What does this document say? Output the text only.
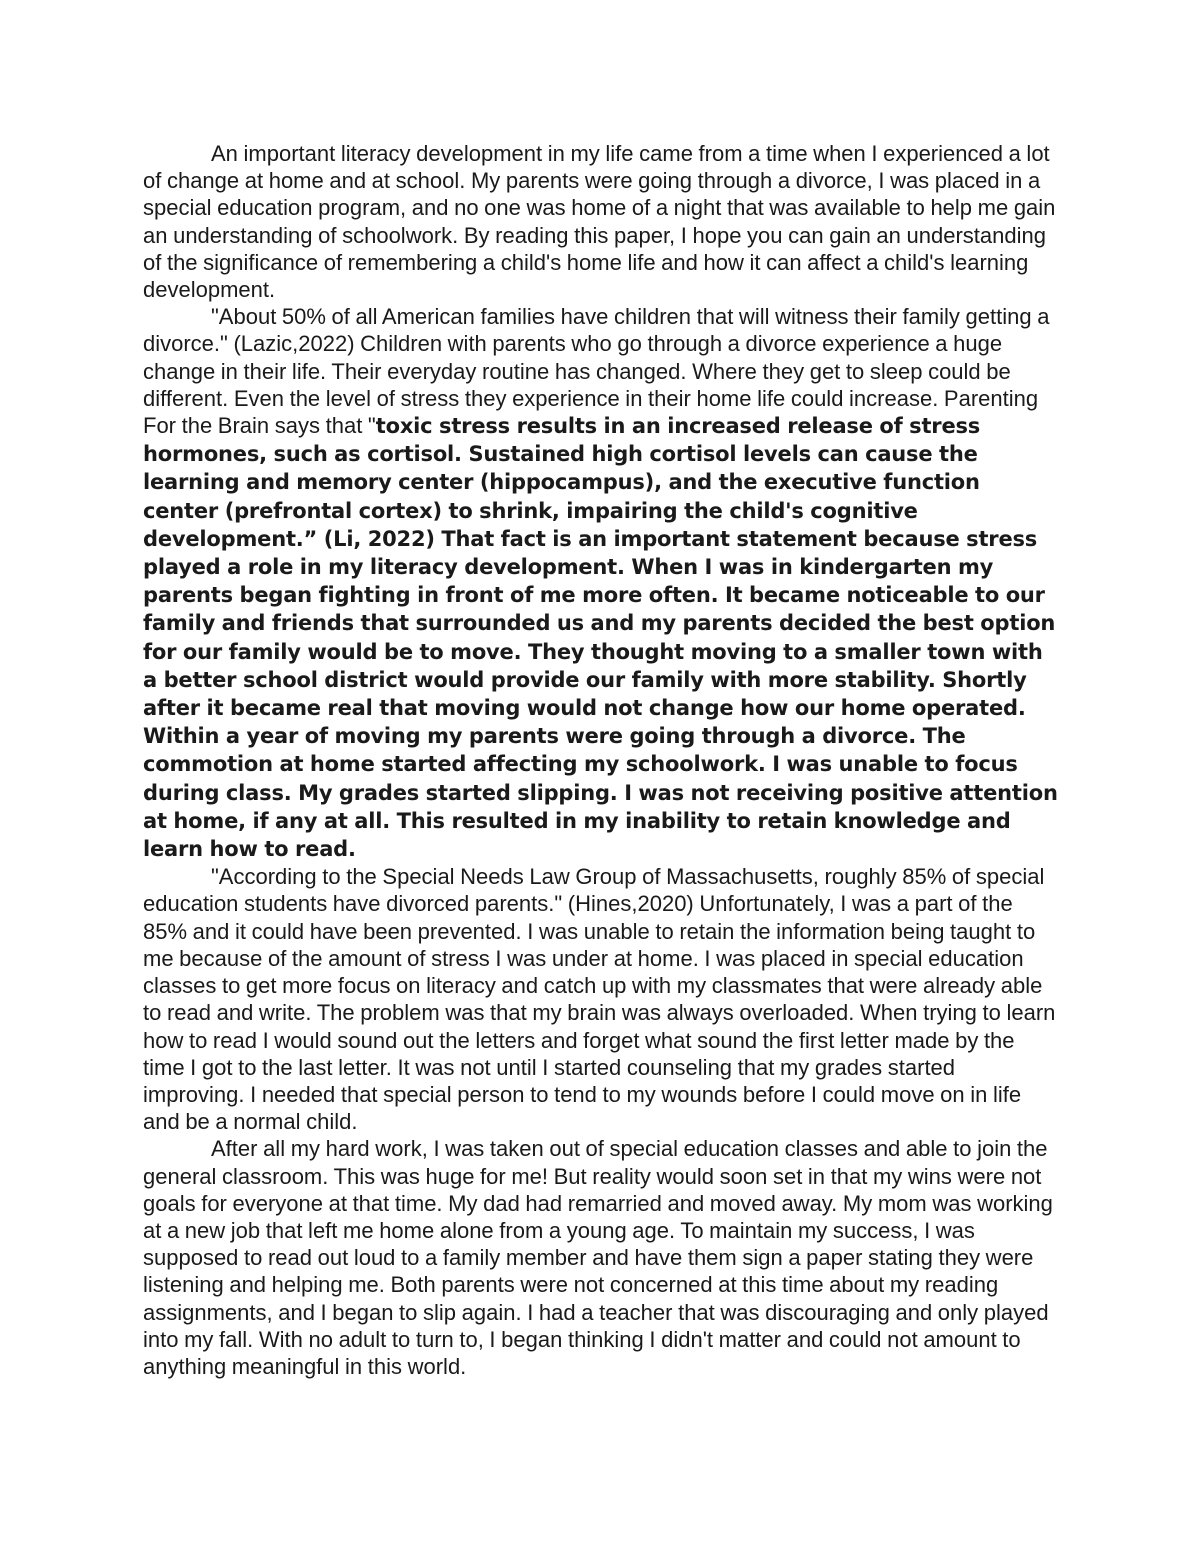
An important literacy development in my life came from a time when I experienced a lot of change at home and at school. My parents were going through a divorce, I was placed in a special education program, and no one was home of a night that was available to help me gain an understanding of schoolwork. By reading this paper, I hope you can gain an understanding of the significance of remembering a child's home life and how it can affect a child's learning development.

"About 50% of all American families have children that will witness their family getting a divorce." (Lazic,2022) Children with parents who go through a divorce experience a huge change in their life. Their everyday routine has changed. Where they get to sleep could be different. Even the level of stress they experience in their home life could increase. Parenting For the Brain says that "toxic stress results in an increased release of stress hormones, such as cortisol. Sustained high cortisol levels can cause the learning and memory center (hippocampus), and the executive function center (prefrontal cortex) to shrink, impairing the child's cognitive development.” (Li, 2022) That fact is an important statement because stress played a role in my literacy development. When I was in kindergarten my parents began fighting in front of me more often. It became noticeable to our family and friends that surrounded us and my parents decided the best option for our family would be to move. They thought moving to a smaller town with a better school district would provide our family with more stability. Shortly after it became real that moving would not change how our home operated. Within a year of moving my parents were going through a divorce. The commotion at home started affecting my schoolwork. I was unable to focus during class. My grades started slipping. I was not receiving positive attention at home, if any at all. This resulted in my inability to retain knowledge and learn how to read.

"According to the Special Needs Law Group of Massachusetts, roughly 85% of special education students have divorced parents." (Hines,2020) Unfortunately, I was a part of the 85% and it could have been prevented. I was unable to retain the information being taught to me because of the amount of stress I was under at home. I was placed in special education classes to get more focus on literacy and catch up with my classmates that were already able to read and write. The problem was that my brain was always overloaded. When trying to learn how to read I would sound out the letters and forget what sound the first letter made by the time I got to the last letter. It was not until I started counseling that my grades started improving. I needed that special person to tend to my wounds before I could move on in life and be a normal child.

After all my hard work, I was taken out of special education classes and able to join the general classroom. This was huge for me! But reality would soon set in that my wins were not goals for everyone at that time. My dad had remarried and moved away. My mom was working at a new job that left me home alone from a young age. To maintain my success, I was supposed to read out loud to a family member and have them sign a paper stating they were listening and helping me. Both parents were not concerned at this time about my reading assignments, and I began to slip again. I had a teacher that was discouraging and only played into my fall. With no adult to turn to, I began thinking I didn't matter and could not amount to anything meaningful in this world.
